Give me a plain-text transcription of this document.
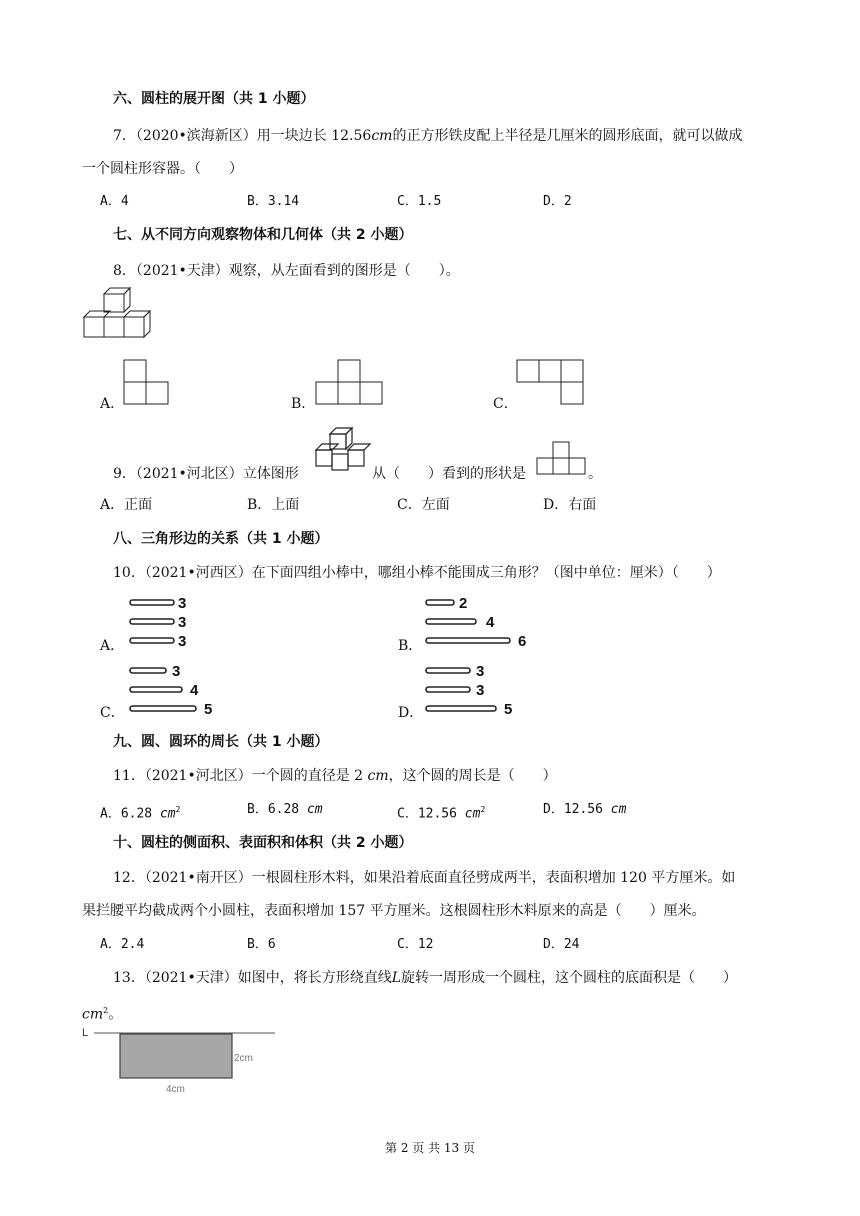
六、圆柱的展开图（共 1 小题）
7．（2020•滨海新区）用一块边长 12.56cm的正方形铁皮配上半径是几厘米的圆形底面，就可以做成
一个圆柱形容器。（　　）
A．4	B．3.14	C．1.5	D．2
七、从不同方向观察物体和几何体（共 2 小题）
8．（2021•天津）观察，从左面看到的图形是（　　）。
A．	B．	C．
9．（2021•河北区）立体图形	从（　　）看到的形状是	。
A．正面	B．上面	C．左面	D．右面
八、三角形边的关系（共 1 小题）
10．（2021•河西区）在下面四组小棒中，哪组小棒不能围成三角形？（图中单位：厘米）（　　）
A．
3
3
3	B．
2
4
6
C．
3
4
5	D．
3
3
5
九、圆、圆环的周长（共 1 小题）
11．（2021•河北区）一个圆的直径是 2 cm，这个圆的周长是（　　）
A．6.28 $cm^2$	B．6.28 cm	C．12.56 $cm^2$	D．12.56 cm
十、圆柱的侧面积、表面积和体积（共 2 小题）
12．（2021•南开区）一根圆柱形木料，如果沿着底面直径劈成两半，表面积增加 120 平方厘米。如
果拦腰平均截成两个小圆柱，表面积增加 157 平方厘米。这根圆柱形木料原来的高是（　　）厘米。
A．2.4	B．6	C．12	D．24
13．（2021•天津）如图中，将长方形绕直线L旋转一周形成一个圆柱，这个圆柱的底面积是（　　）
$cm^2$。
L
2cm
4cm
第 2 页 共 13 页
